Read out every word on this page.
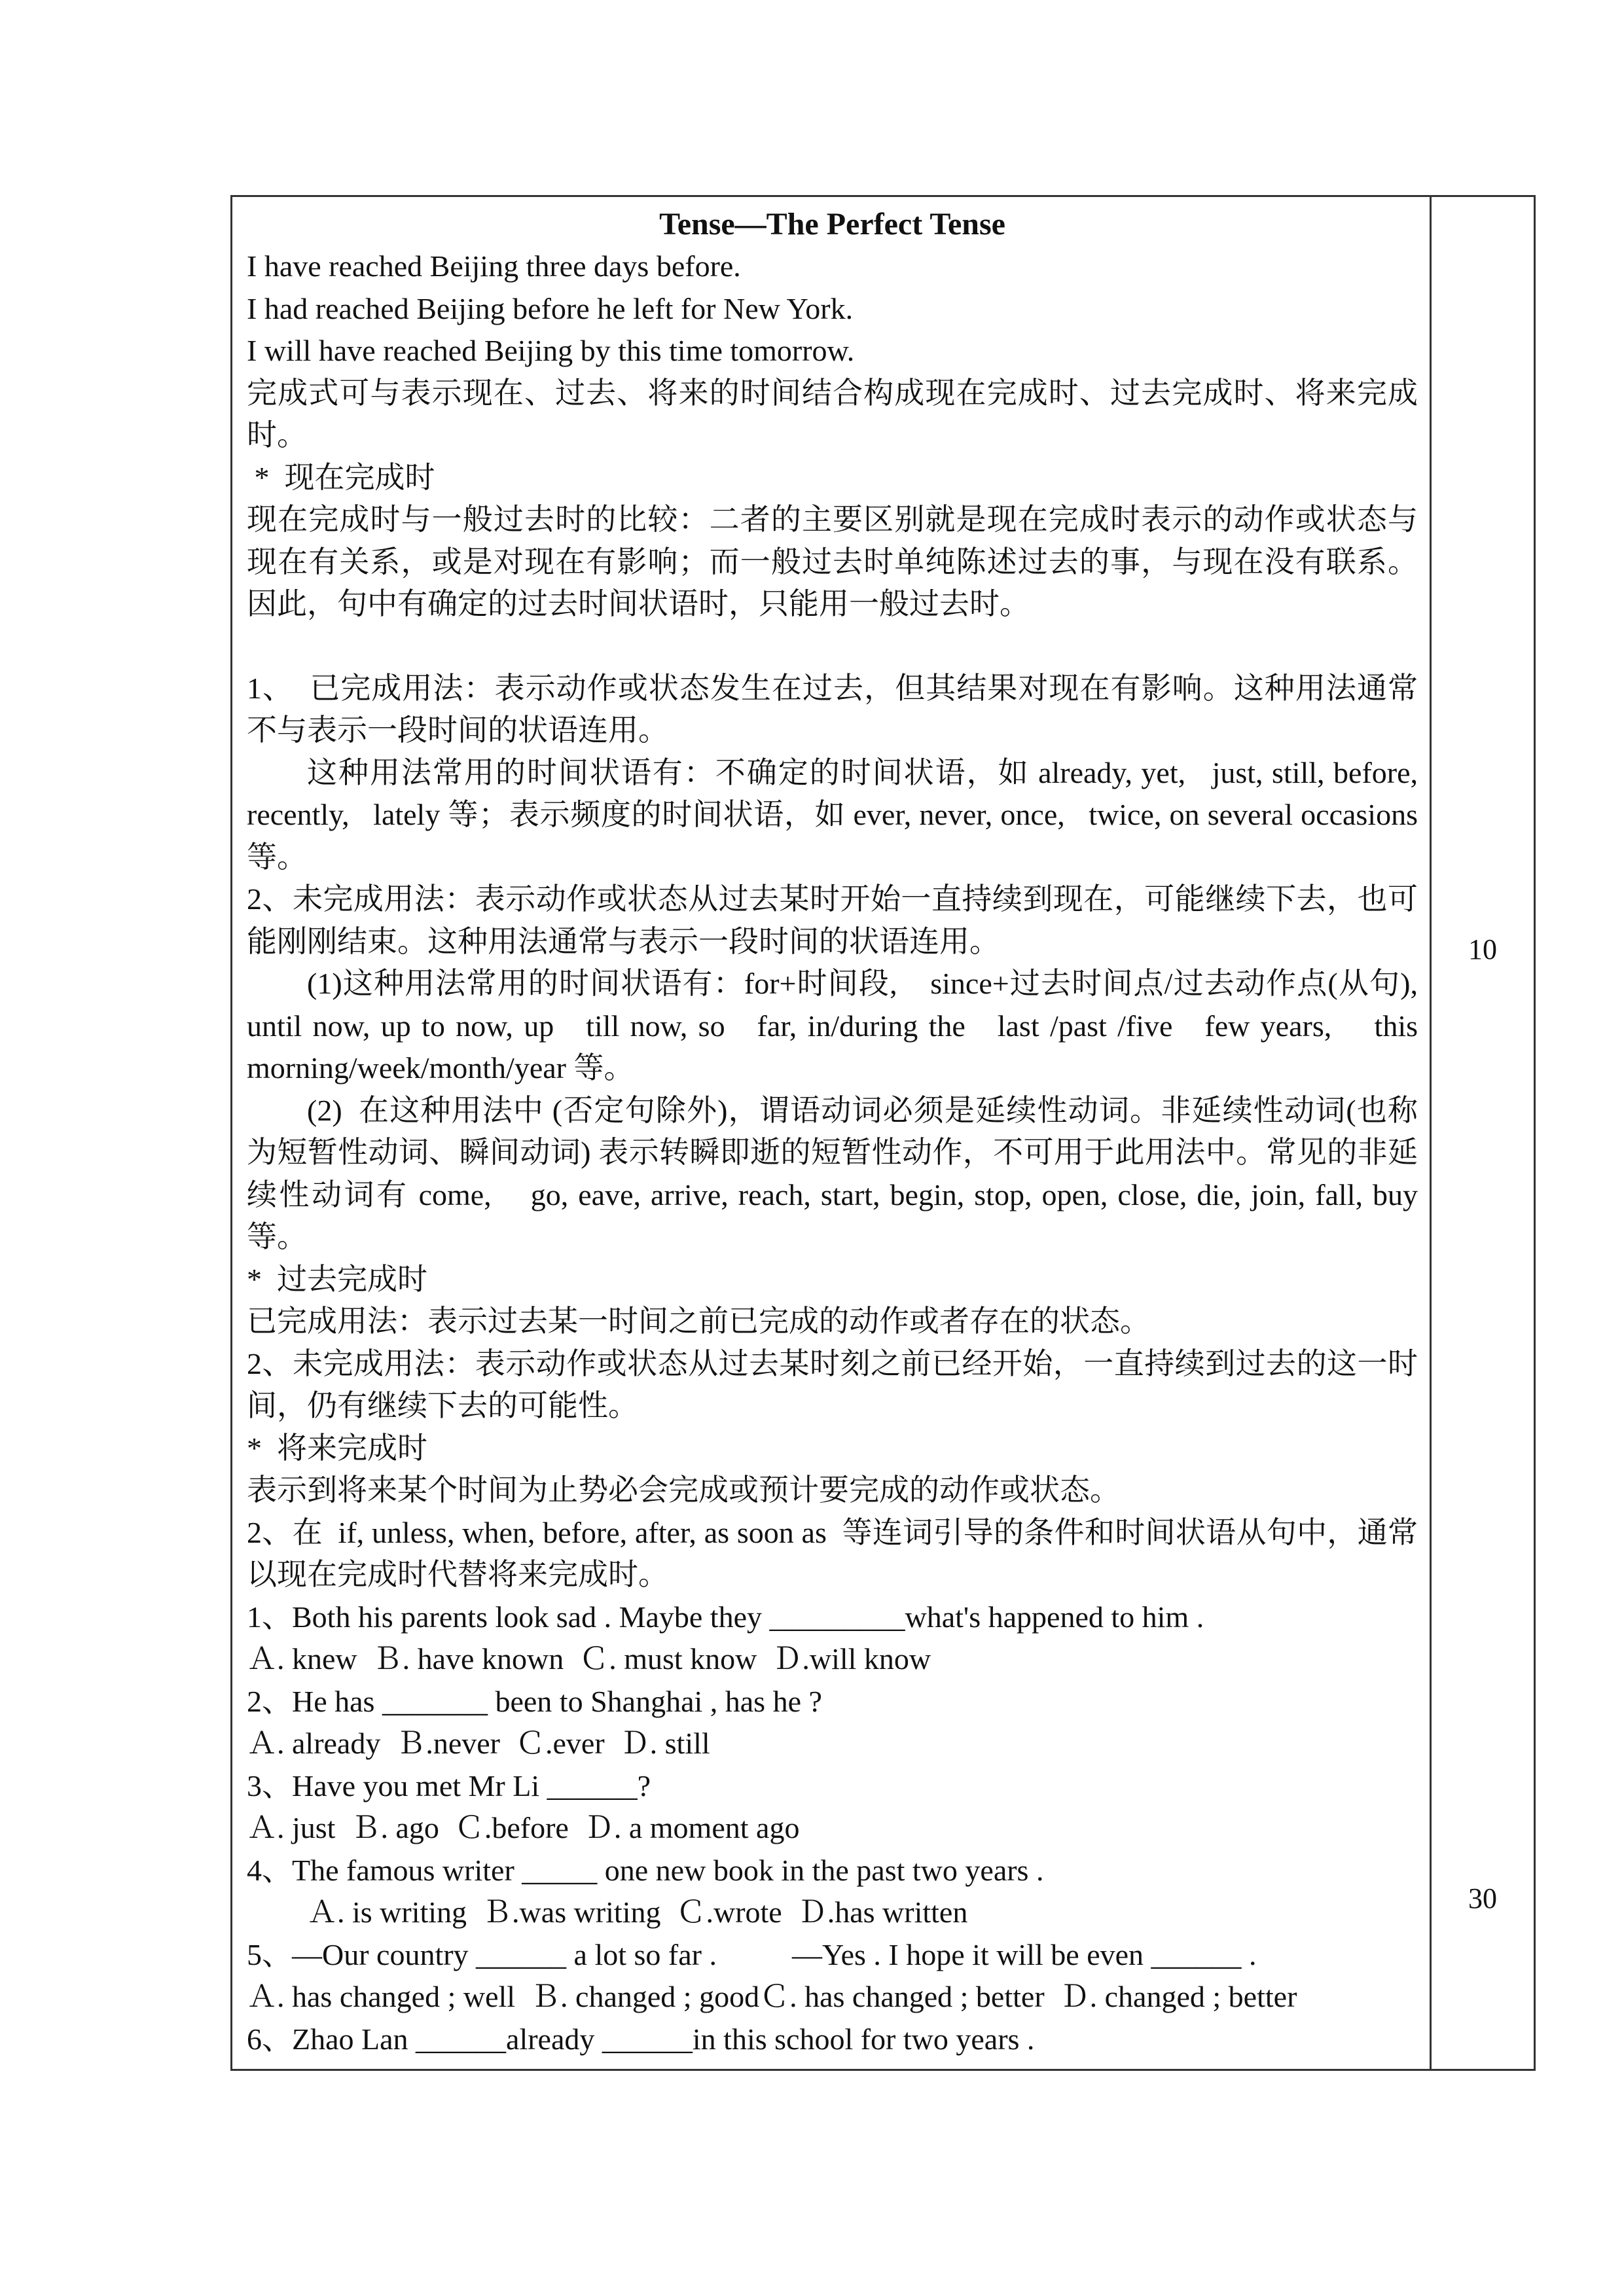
Tense—The Perfect Tense

I have reached Beijing three days before.

I had reached Beijing before he left for New York.

I will have reached Beijing by this time tomorrow.

完成式可与表示现在、过去、将来的时间结合构成现在完成时、过去完成时、将来完成时。

*  现在完成时

现在完成时与一般过去时的比较：二者的主要区别就是现在完成时表示的动作或状态与现在有关系，或是对现在有影响；而一般过去时单纯陈述过去的事，与现在没有联系。因此，句中有确定的过去时间状语时，只能用一般过去时。

1、  已完成用法：表示动作或状态发生在过去，但其结果对现在有影响。这种用法通常不与表示一段时间的状语连用。

这种用法常用的时间状语有：不确定的时间状语，如 already, yet,   just, still, before,   recently,   lately 等；表示频度的时间状语，如 ever, never, once,   twice, on several occasions 等。

2、未完成用法：表示动作或状态从过去某时开始一直持续到现在，可能继续下去，也可能刚刚结束。这种用法通常与表示一段时间的状语连用。

(1)这种用法常用的时间状语有：for+时间段,    since+过去时间点/过去动作点(从句), until now, up to now, up   till now, so   far, in/during the   last /past /five   few years,    this morning/week/month/year 等。

(2)  在这种用法中 (否定句除外)，谓语动词必须是延续性动词。非延续性动词(也称为短暂性动词、瞬间动词) 表示转瞬即逝的短暂性动作，不可用于此用法中。常见的非延续性动词有 come,    go, eave, arrive, reach, start, begin, stop, open, close, die, join, fall, buy 等。

*  过去完成时

已完成用法：表示过去某一时间之前已完成的动作或者存在的状态。

2、未完成用法：表示动作或状态从过去某时刻之前已经开始，一直持续到过去的这一时间，仍有继续下去的可能性。

*  将来完成时

表示到将来某个时间为止势必会完成或预计要完成的动作或状态。

2、在  if, unless, when, before, after, as soon as  等连词引导的条件和时间状语从句中，通常以现在完成时代替将来完成时。

1、Both his parents look sad . Maybe they _________what's happened to him .

Ａ. knew  Ｂ. have known  Ｃ. must know  Ｄ.will know

2、He has _______ been to Shanghai , has he ?

Ａ. already  Ｂ.never  Ｃ.ever  Ｄ. still

3、Have you met Mr Li ______?

Ａ. just  Ｂ. ago  Ｃ.before  Ｄ. a moment ago

4、The famous writer _____ one new book in the past two years .

Ａ. is writing  Ｂ.was writing  Ｃ.wrote  Ｄ.has written

5、—Our country ______ a lot so far .          —Yes . I hope it will be even ______ .

Ａ. has changed ; well  Ｂ. changed ; goodＣ. has changed ; better  Ｄ. changed ; better

6、Zhao Lan ______already ______in this school for two years .

10
30
